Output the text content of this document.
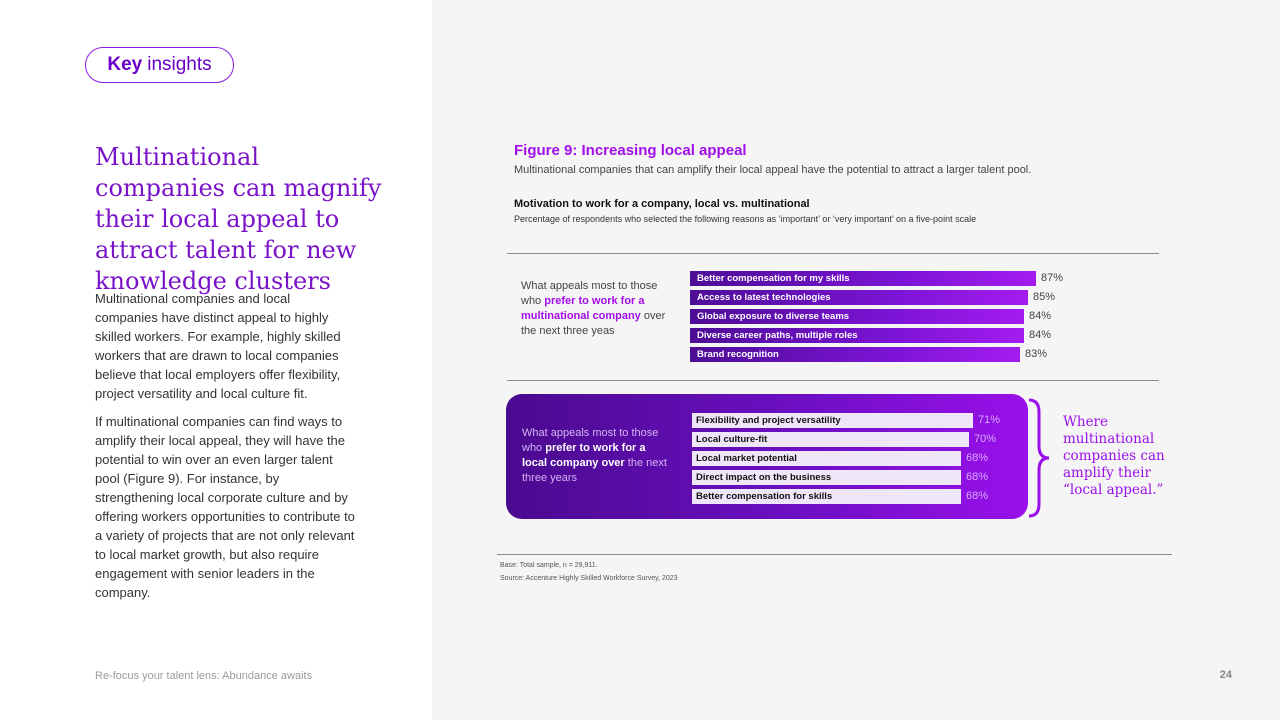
Key insights
Multinational companies can magnify their local appeal to attract talent for new knowledge clusters
Multinational companies and local companies have distinct appeal to highly skilled workers. For example, highly skilled workers that are drawn to local companies believe that local employers offer flexibility, project versatility and local culture fit.
If multinational companies can find ways to amplify their local appeal, they will have the potential to win over an even larger talent pool (Figure 9). For instance, by strengthening local corporate culture and by offering workers opportunities to contribute to a variety of projects that are not only relevant to local market growth, but also require engagement with senior leaders in the company.
Re-focus your talent lens: Abundance awaits
Figure 9: Increasing local appeal
Multinational companies that can amplify their local appeal have the potential to attract a larger talent pool.
Motivation to work for a company, local vs. multinational
Percentage of respondents who selected the following reasons as ‘important’ or ‘very important’ on a five-point scale
What appeals most to those who prefer to work for a multinational company over the next three yeas
Better compensation for my skills	87%
Access to latest technologies	85%
Global exposure to diverse teams	84%
Diverse career paths, multiple roles	84%
Brand recognition	83%
What appeals most to those who prefer to work for a local company over the next three years
Flexibility and project versatility	71%
Local culture-fit	70%
Local market potential	68%
Direct impact on the business	68%
Better compensation for skills	68%
Where multinational companies can amplify their “local appeal.”
Base: Total sample, n = 29,911.
Source: Accenture Highly Skilled Workforce Survey, 2023
24
